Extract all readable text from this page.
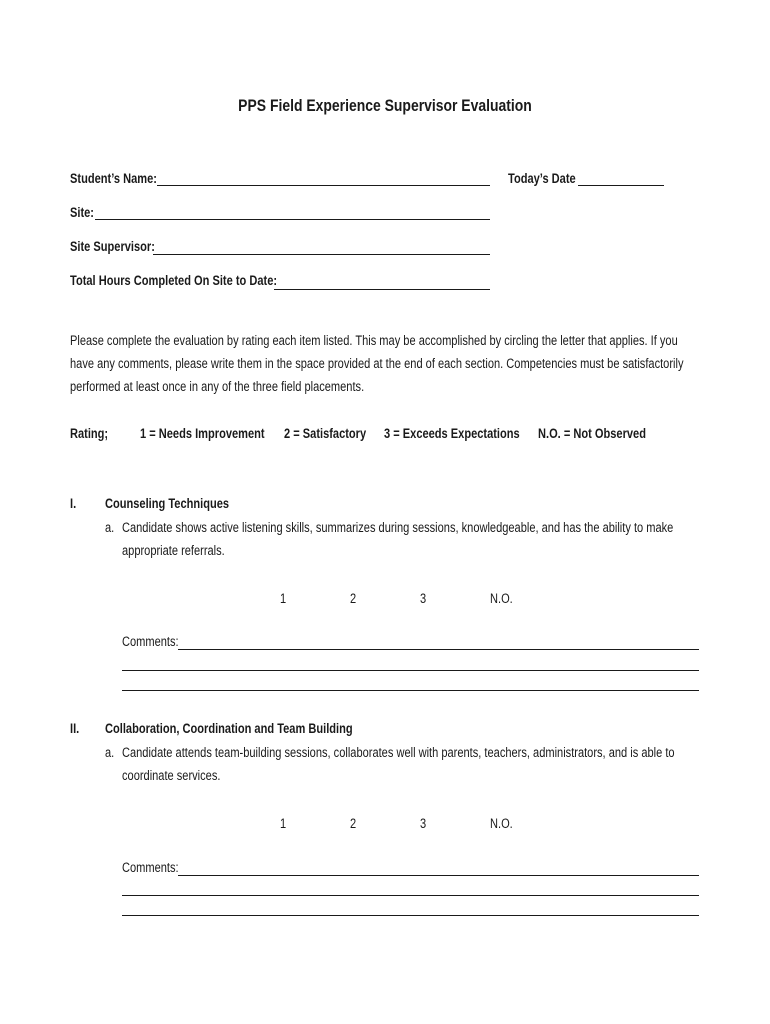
PPS Field Experience Supervisor Evaluation
Student’s Name:	Today’s Date
Site:
Site Supervisor:
Total Hours Completed On Site to Date:
Please complete the evaluation by rating each item listed. This may be accomplished by circling the letter that applies. If you
have any comments, please write them in the space provided at the end of each section. Competencies must be satisfactorily
performed at least once in any of the three field placements.
Rating; 1 = Needs Improvement 2 = Satisfactory 3 = Exceeds Expectations N.O. = Not Observed
I. Counseling Techniques
a. Candidate shows active listening skills, summarizes during sessions, knowledgeable, and has the ability to make
appropriate referrals.
1	2	3	N.O.
Comments:
II. Collaboration, Coordination and Team Building
a. Candidate attends team-building sessions, collaborates well with parents, teachers, administrators, and is able to
coordinate services.
1	2	3	N.O.
Comments:
